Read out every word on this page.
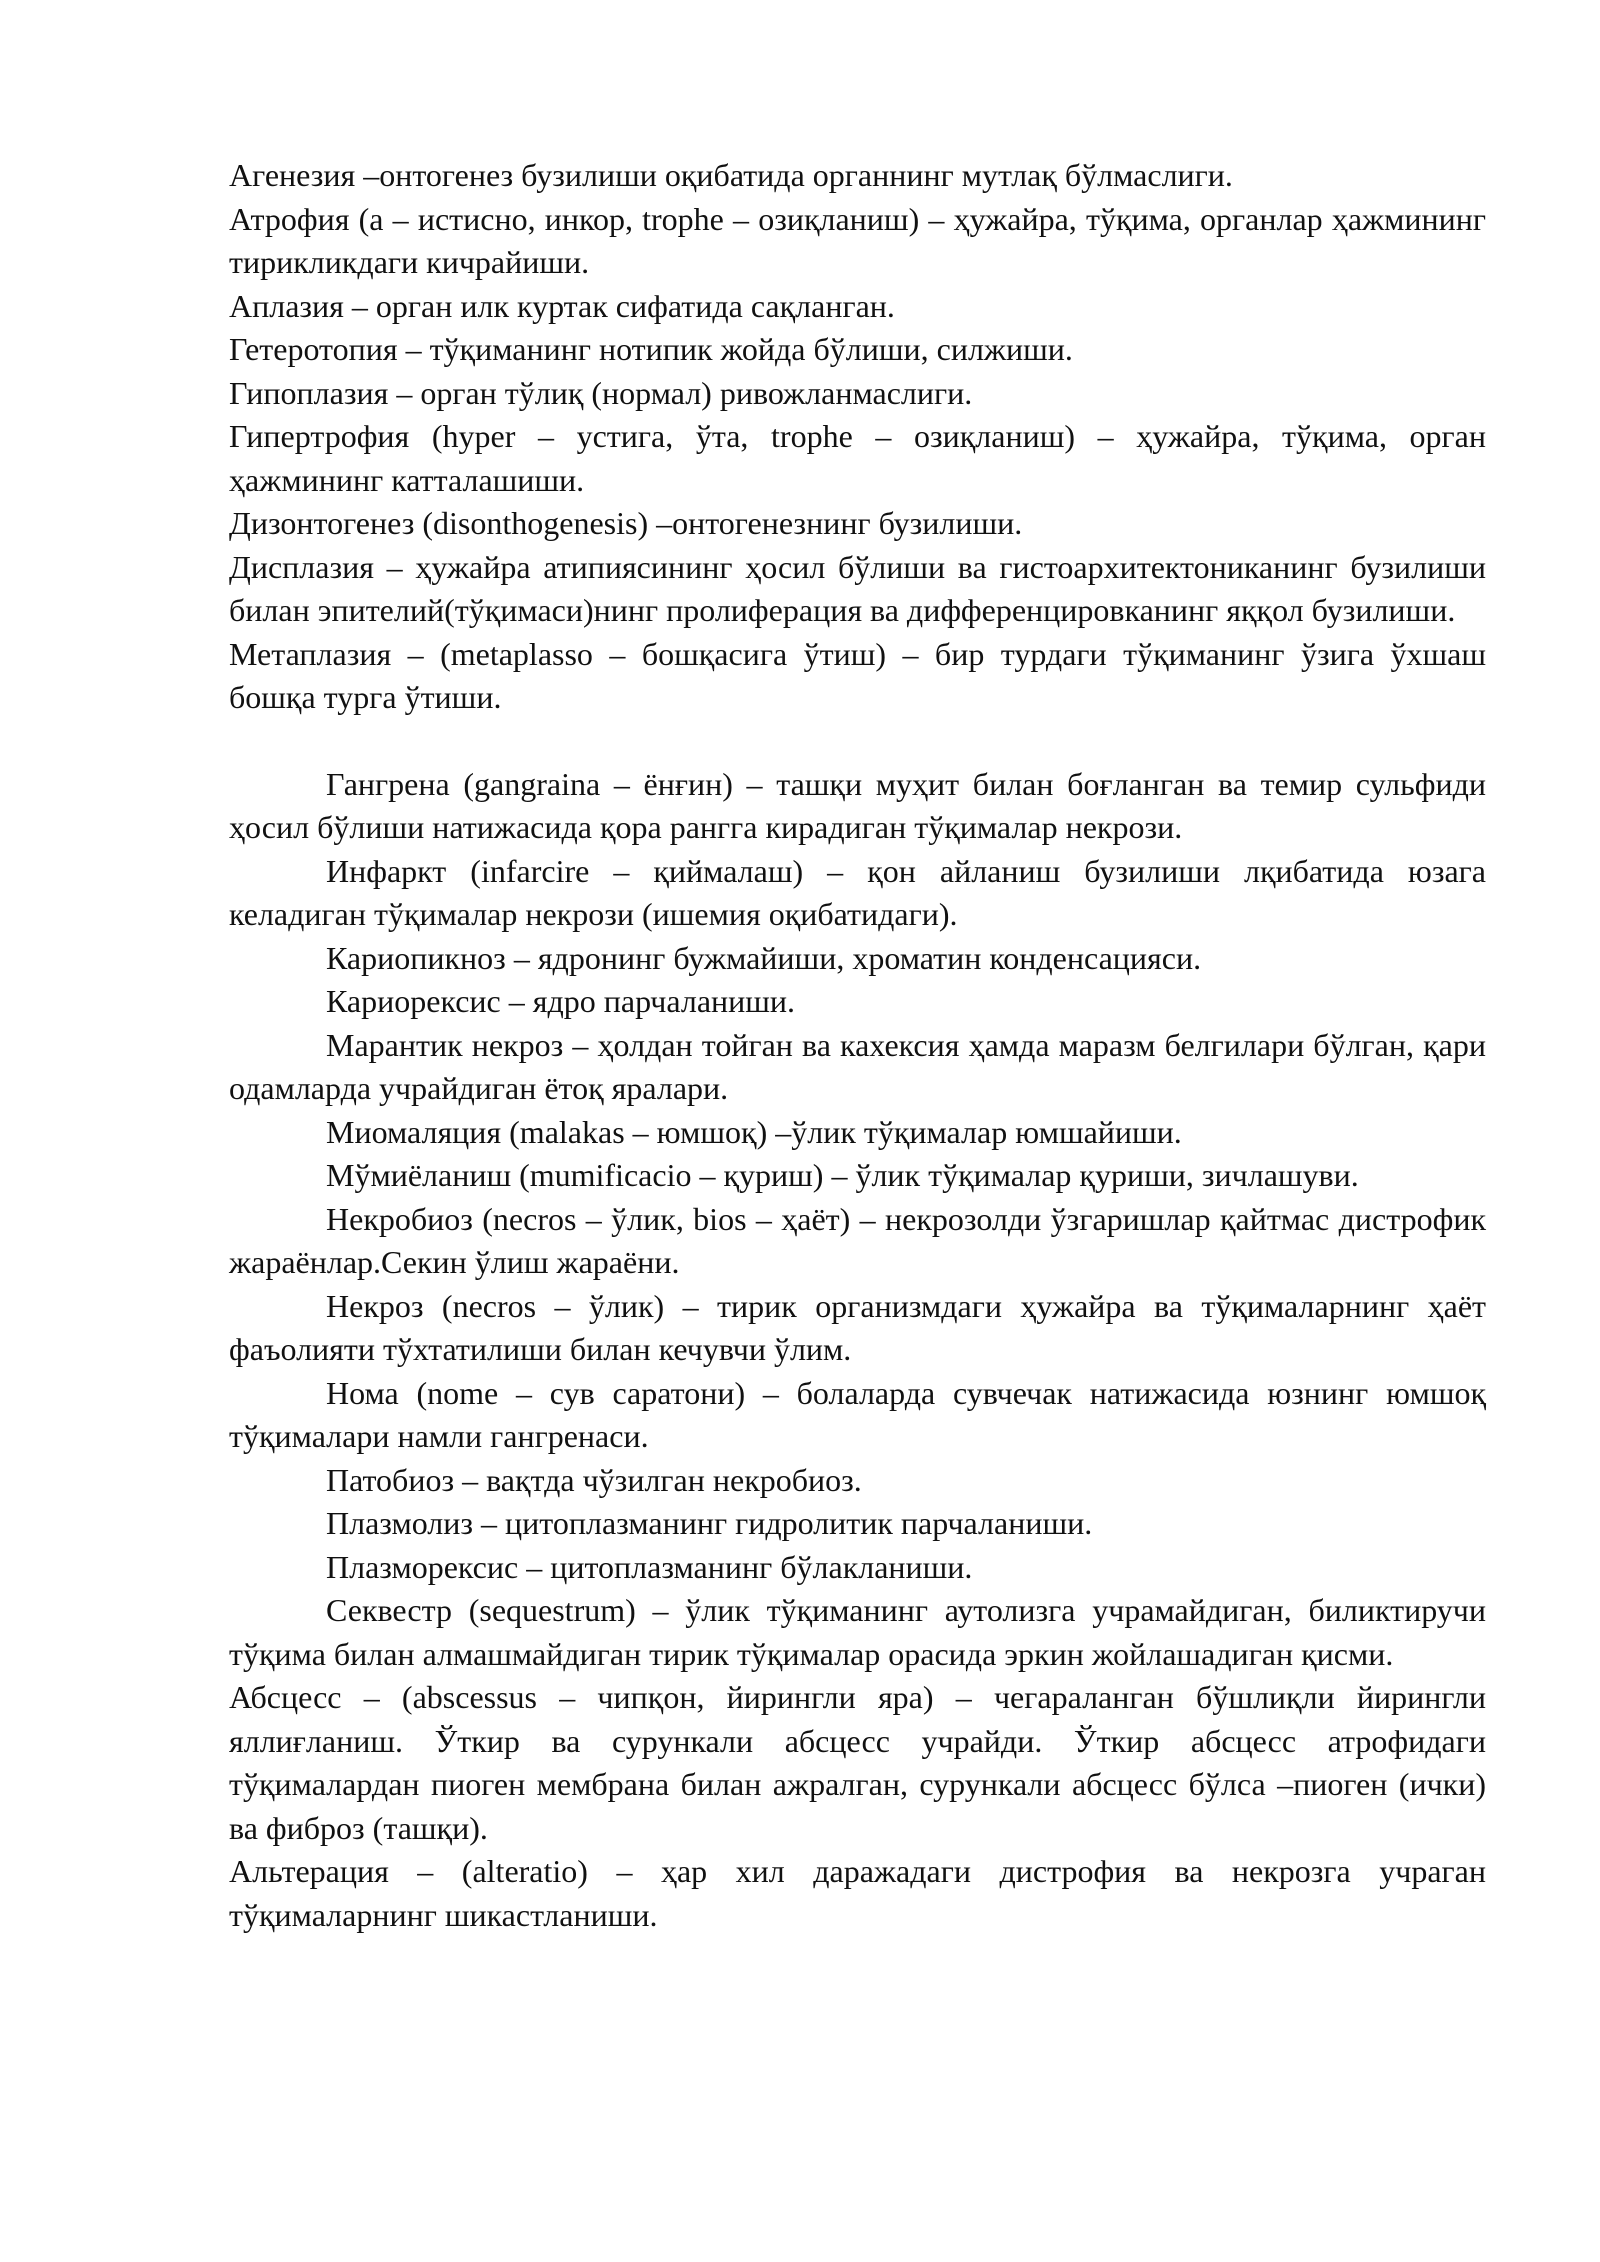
Агенезия –онтогенез бузилиши оқибатида органнинг мутлақ бўлмаслиги.

Атрофия (а – истисно, инкор, trophe – озиқланиш) – ҳужайра, тўқима, органлар ҳажмининг тирикликдаги кичрайиши.

Аплазия – орган илк куртак сифатида сақланган.

Гетеротопия – тўқиманинг нотипик жойда бўлиши, силжиши.

Гипоплазия – орган тўлиқ (нормал) ривожланмаслиги.

Гипертрофия (hyper – устига, ўта, trophe – озиқланиш) – ҳужайра, тўқима, орган ҳажмининг катталашиши.

Дизонтогенез (disonthogenesis) –онтогенезнинг бузилиши.

Дисплазия – ҳужайра атипиясининг ҳосил бўлиши ва гистоархитектониканинг бузилиши билан эпителий(тўқимаси)нинг пролиферация ва дифференцировканинг яққол бузилиши.

Метаплазия – (metaplasso – бошқасига ўтиш) – бир турдаги тўқиманинг ўзига ўхшаш бошқа турга ўтиши.

Гангрена (gangraina – ёнғин) – ташқи муҳит билан боғланган ва темир сульфиди ҳосил бўлиши натижасида қора рангга кирадиган тўқималар некрози.

Инфаркт (infarcire – қиймалаш) – қон айланиш бузилиши лқибатида юзага келадиган тўқималар некрози (ишемия оқибатидаги).

Кариопикноз – ядронинг бужмайиши, хроматин конденсацияси.

Кариорексис – ядро парчаланиши.

Марантик некроз – ҳолдан тойган ва кахексия ҳамда маразм белгилари бўлган, қари одамларда учрайдиган ётоқ яралари.

Миомаляция (malakas – юмшоқ) –ўлик тўқималар юмшайиши.

Мўмиёланиш (mumificacio – қуриш) – ўлик тўқималар қуриши, зичлашуви.

Некробиоз (necros – ўлик, bios – ҳаёт) – некрозолди ўзгаришлар қайтмас дистрофик жараёнлар.Секин ўлиш жараёни.

Некроз (necros – ўлик) – тирик организмдаги ҳужайра ва тўқималарнинг ҳаёт фаъолияти тўхтатилиши билан кечувчи ўлим.

Нома (nome – сув саратони) – болаларда сувчечак натижасида юзнинг юмшоқ тўқималари намли гангренаси.

Патобиоз – вақтда чўзилган некробиоз.

Плазмолиз – цитоплазманинг гидролитик парчаланиши.

Плазморексис – цитоплазманинг бўлакланиши.

Секвестр (sequestrum) – ўлик тўқиманинг аутолизга учрамайдиган, биликтиручи тўқима билан алмашмайдиган тирик тўқималар орасида эркин жойлашадиган қисми.

Абсцесс – (abscessus – чипқон, йирингли яра) – чегараланган бўшлиқли йирингли яллиғланиш. Ўткир ва сурункали абсцесс учрайди. Ўткир абсцесс атрофидаги тўқималардан пиоген мембрана билан ажралган, сурункали абсцесс бўлса –пиоген (ички) ва фиброз (ташқи).

Альтерация – (alteratio) – ҳар хил даражадаги дистрофия ва некрозга учраган тўқималарнинг шикастланиши.
